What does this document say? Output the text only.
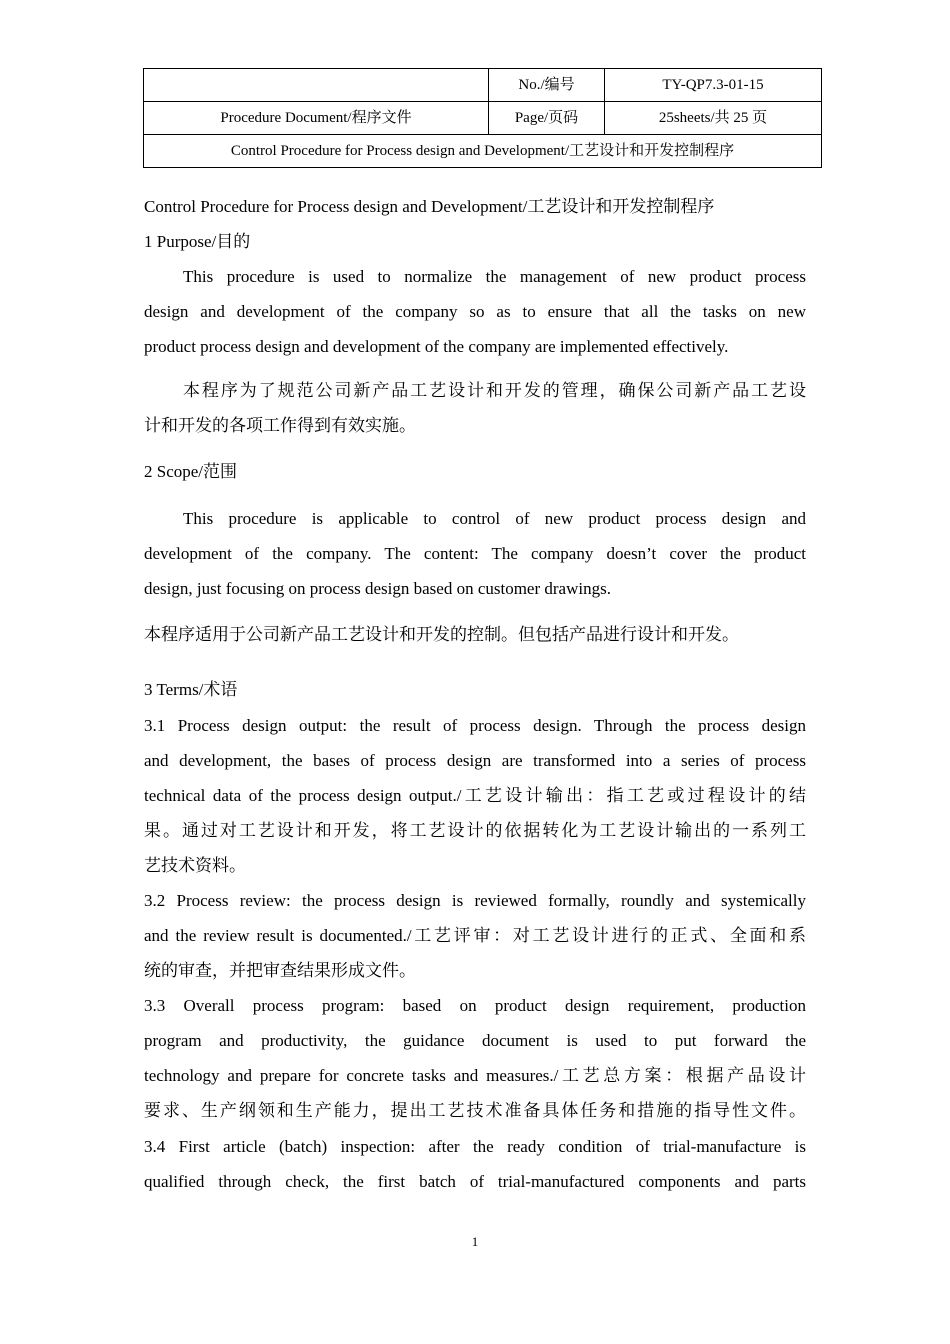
	No./编号	TY-QP7.3-01-15
Procedure Document/程序文件	Page/页码	25sheets/共 25 页
Control Procedure for Process design and Development/工艺设计和开发控制程序		
Control Procedure for Process design and Development/工艺设计和开发控制程序
1 Purpose/目的
This procedure is used to normalize the management of new product process
design and development of the company so as to ensure that all the tasks on new
product process design and development of the company are implemented effectively.
本程序为了规范公司新产品工艺设计和开发的管理，确保公司新产品工艺设
计和开发的各项工作得到有效实施。
2 Scope/范围
This procedure is applicable to control of new product process design and
development of the company. The content: The company doesn’t cover the product
design, just focusing on process design based on customer drawings.
本程序适用于公司新产品工艺设计和开发的控制。但包括产品进行设计和开发。
3 Terms/术语
3.1 Process design output: the result of process design. Through the process design
and development, the bases of process design are transformed into a series of process
technical data of the process design output./工艺设计输出：指工艺或过程设计的结
果。通过对工艺设计和开发，将工艺设计的依据转化为工艺设计输出的一系列工
艺技术资料。
3.2 Process review: the process design is reviewed formally, roundly and systemically
and the review result is documented./工艺评审：对工艺设计进行的正式、全面和系
统的审查，并把审查结果形成文件。
3.3 Overall process program: based on product design requirement, production
program and productivity, the guidance document is used to put forward the
technology and prepare for concrete tasks and measures./工艺总方案：根据产品设计
要求、生产纲领和生产能力，提出工艺技术准备具体任务和措施的指导性文件。
3.4 First article (batch) inspection: after the ready condition of trial-manufacture is
qualified through check, the first batch of trial-manufactured components and parts
1
